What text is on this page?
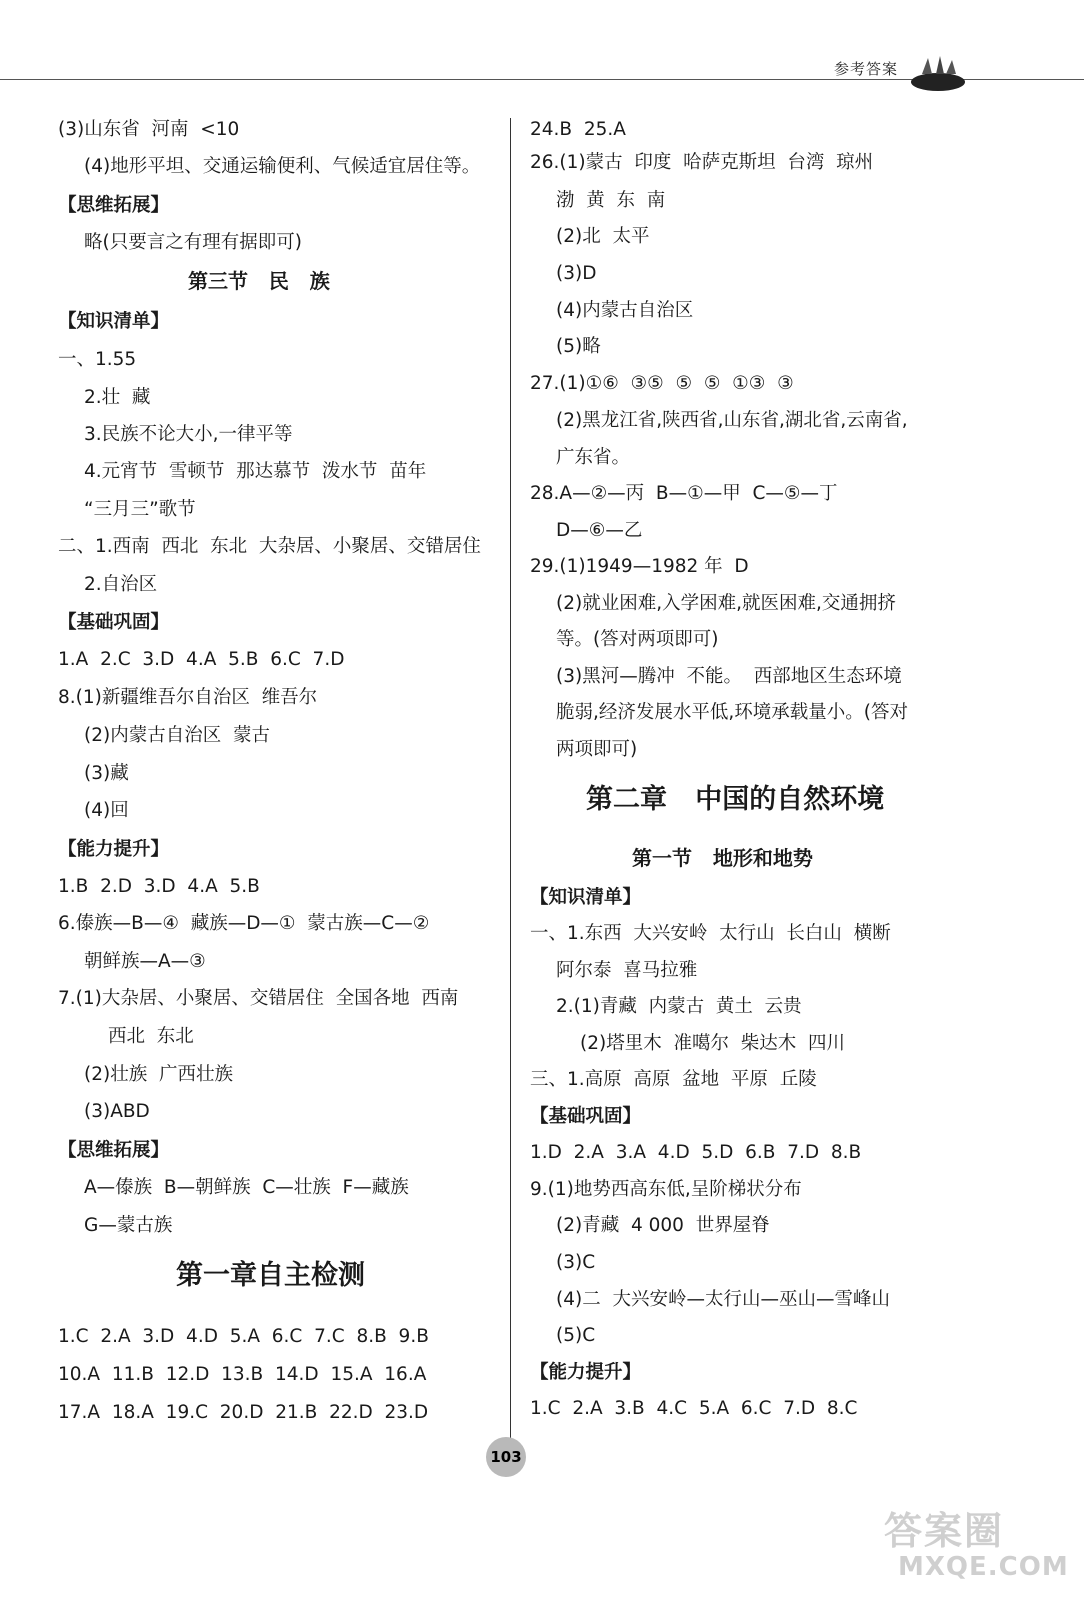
参考答案
(3)山东省  河南  <10
(4)地形平坦、交通运输便利、气候适宜居住等。
【思维拓展】
略(只要言之有理有据即可)
第三节   民   族
【知识清单】
一、1.55
2.壮  藏
3.民族不论大小,一律平等
4.元宵节  雪顿节  那达慕节  泼水节  苗年
“三月三”歌节
二、1.西南  西北  东北  大杂居、小聚居、交错居住
2.自治区
【基础巩固】
1.A  2.C  3.D  4.A  5.B  6.C  7.D
8.(1)新疆维吾尔自治区  维吾尔
(2)内蒙古自治区  蒙古
(3)藏
(4)回
【能力提升】
1.B  2.D  3.D  4.A  5.B
6.傣族—B—④  藏族—D—①  蒙古族—C—②
朝鲜族—A—③
7.(1)大杂居、小聚居、交错居住  全国各地  西南
西北  东北
(2)壮族  广西壮族
(3)ABD
【思维拓展】
A—傣族  B—朝鲜族  C—壮族  F—藏族
G—蒙古族
第一章自主检测
1.C  2.A  3.D  4.D  5.A  6.C  7.C  8.B  9.B
10.A  11.B  12.D  13.B  14.D  15.A  16.A
17.A  18.A  19.C  20.D  21.B  22.D  23.D
24.B  25.A
26.(1)蒙古  印度  哈萨克斯坦  台湾  琼州
渤  黄  东  南
(2)北  太平
(3)D
(4)内蒙古自治区
(5)略
27.(1)①⑥  ③⑤  ⑤  ⑤  ①③  ③
(2)黑龙江省,陕西省,山东省,湖北省,云南省,
广东省。
28.A—②—丙  B—①—甲  C—⑤—丁
D—⑥—乙
29.(1)1949—1982 年  D
(2)就业困难,入学困难,就医困难,交通拥挤
等。(答对两项即可)
(3)黑河—腾冲  不能。  西部地区生态环境
脆弱,经济发展水平低,环境承载量小。(答对
两项即可)
第二章   中国的自然环境
第一节   地形和地势
【知识清单】
一、1.东西  大兴安岭  太行山  长白山  横断
阿尔泰  喜马拉雅
2.(1)青藏  内蒙古  黄土  云贵
(2)塔里木  准噶尔  柴达木  四川
三、1.高原  高原  盆地  平原  丘陵
【基础巩固】
1.D  2.A  3.A  4.D  5.D  6.B  7.D  8.B
9.(1)地势西高东低,呈阶梯状分布
(2)青藏  4 000  世界屋脊
(3)C
(4)二  大兴安岭—太行山—巫山—雪峰山
(5)C
【能力提升】
1.C  2.A  3.B  4.C  5.A  6.C  7.D  8.C
103
答案圈
MXQE.COM
